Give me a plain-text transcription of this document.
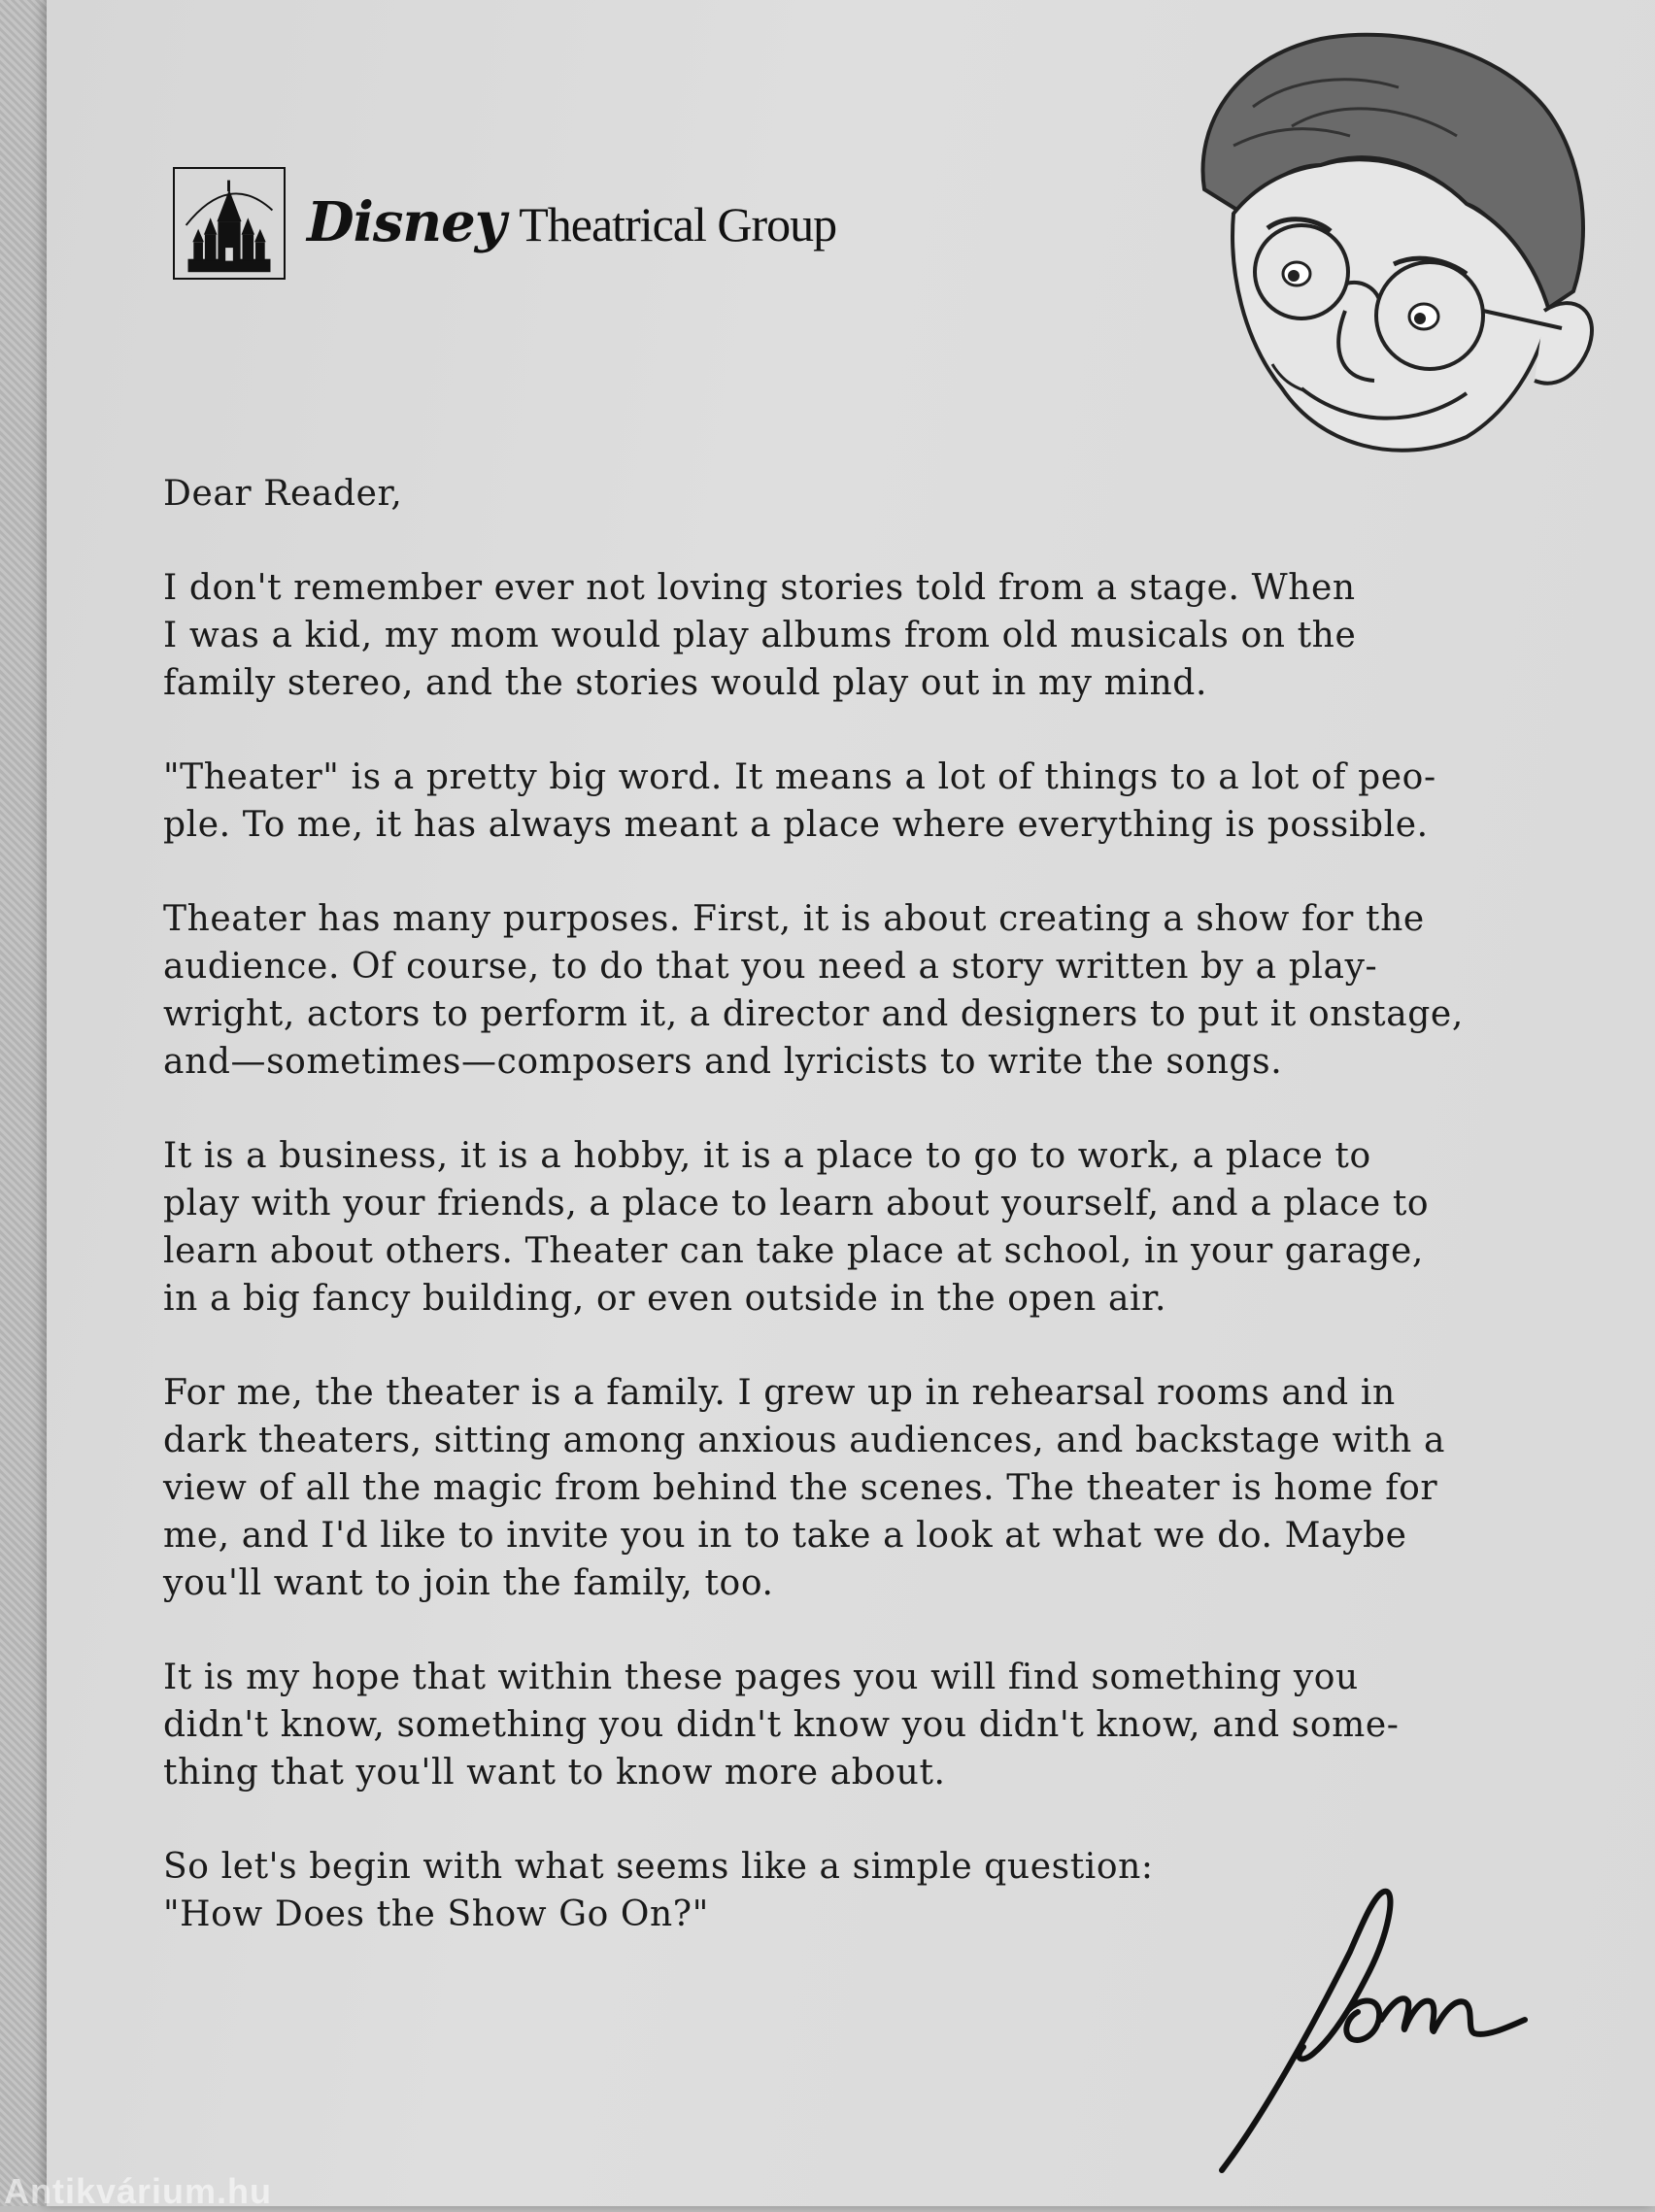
Disney Theatrical Group

Dear Reader,

I don't remember ever not loving stories told from a stage. When
I was a kid, my mom would play albums from old musicals on the
family stereo, and the stories would play out in my mind.

"Theater" is a pretty big word. It means a lot of things to a lot of peo-
ple. To me, it has always meant a place where everything is possible.

Theater has many purposes. First, it is about creating a show for the
audience. Of course, to do that you need a story written by a play-
wright, actors to perform it, a director and designers to put it onstage,
and—sometimes—composers and lyricists to write the songs.

It is a business, it is a hobby, it is a place to go to work, a place to
play with your friends, a place to learn about yourself, and a place to
learn about others. Theater can take place at school, in your garage,
in a big fancy building, or even outside in the open air.

For me, the theater is a family. I grew up in rehearsal rooms and in
dark theaters, sitting among anxious audiences, and backstage with a
view of all the magic from behind the scenes. The theater is home for
me, and I'd like to invite you in to take a look at what we do. Maybe
you'll want to join the family, too.

It is my hope that within these pages you will find something you
didn't know, something you didn't know you didn't know, and some-
thing that you'll want to know more about.

So let's begin with what seems like a simple question:
"How Does the Show Go On?"

Antikvárium.hu
